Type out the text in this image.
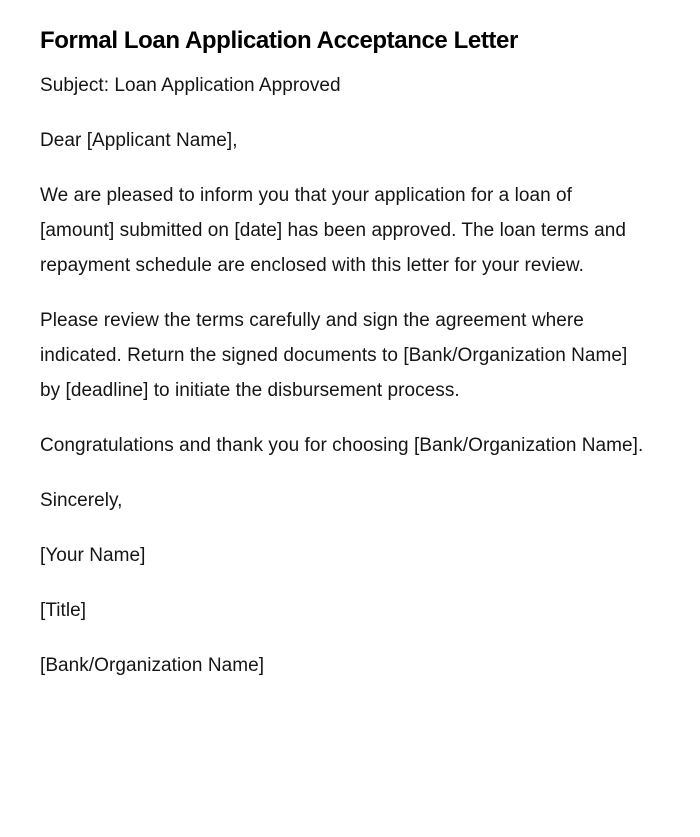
Formal Loan Application Acceptance Letter

Subject: Loan Application Approved

Dear [Applicant Name],

We are pleased to inform you that your application for a loan of [amount] submitted on [date] has been approved. The loan terms and repayment schedule are enclosed with this letter for your review.

Please review the terms carefully and sign the agreement where indicated. Return the signed documents to [Bank/Organization Name] by [deadline] to initiate the disbursement process.

Congratulations and thank you for choosing [Bank/Organization Name].

Sincerely,

[Your Name]

[Title]

[Bank/Organization Name]
